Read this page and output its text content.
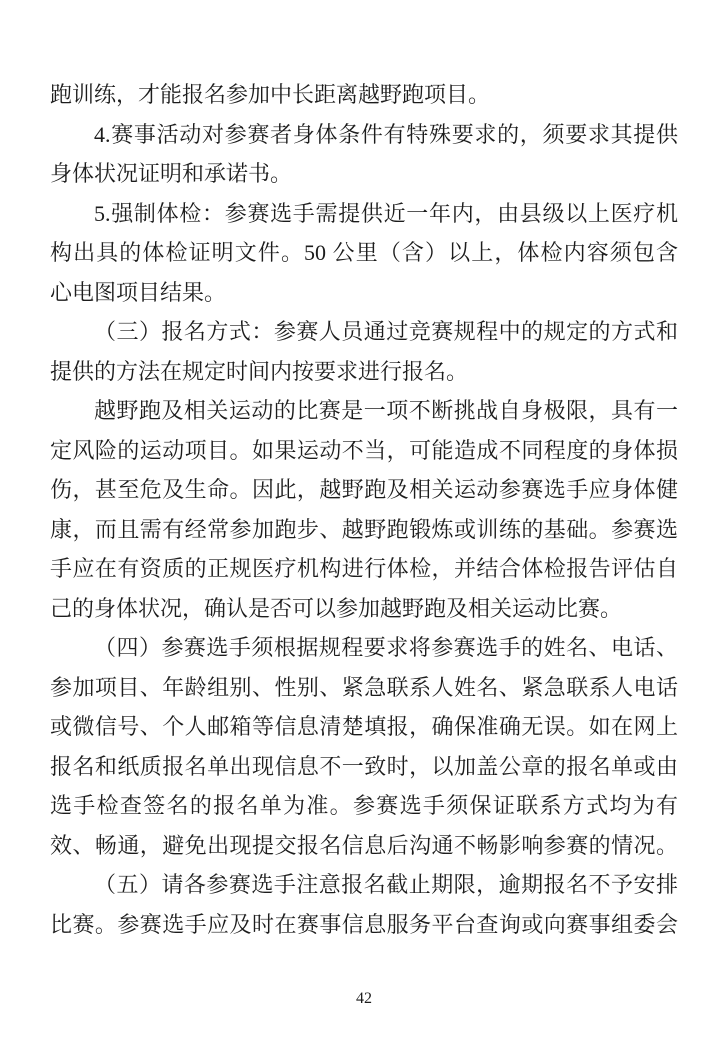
跑训练，才能报名参加中长距离越野跑项目。
4.赛事活动对参赛者身体条件有特殊要求的，须要求其提供
身体状况证明和承诺书。
5.强制体检：参赛选手需提供近一年内，由县级以上医疗机
构出具的体检证明文件。50 公里（含）以上，体检内容须包含
心电图项目结果。
（三）报名方式：参赛人员通过竞赛规程中的规定的方式和
提供的方法在规定时间内按要求进行报名。
越野跑及相关运动的比赛是一项不断挑战自身极限，具有一
定风险的运动项目。如果运动不当，可能造成不同程度的身体损
伤，甚至危及生命。因此，越野跑及相关运动参赛选手应身体健
康，而且需有经常参加跑步、越野跑锻炼或训练的基础。参赛选
手应在有资质的正规医疗机构进行体检，并结合体检报告评估自
己的身体状况，确认是否可以参加越野跑及相关运动比赛。
（四）参赛选手须根据规程要求将参赛选手的姓名、电话、
参加项目、年龄组别、性别、紧急联系人姓名、紧急联系人电话
或微信号、个人邮箱等信息清楚填报，确保准确无误。如在网上
报名和纸质报名单出现信息不一致时，以加盖公章的报名单或由
选手检查签名的报名单为准。参赛选手须保证联系方式均为有
效、畅通，避免出现提交报名信息后沟通不畅影响参赛的情况。
（五）请各参赛选手注意报名截止期限，逾期报名不予安排
比赛。参赛选手应及时在赛事信息服务平台查询或向赛事组委会
42
